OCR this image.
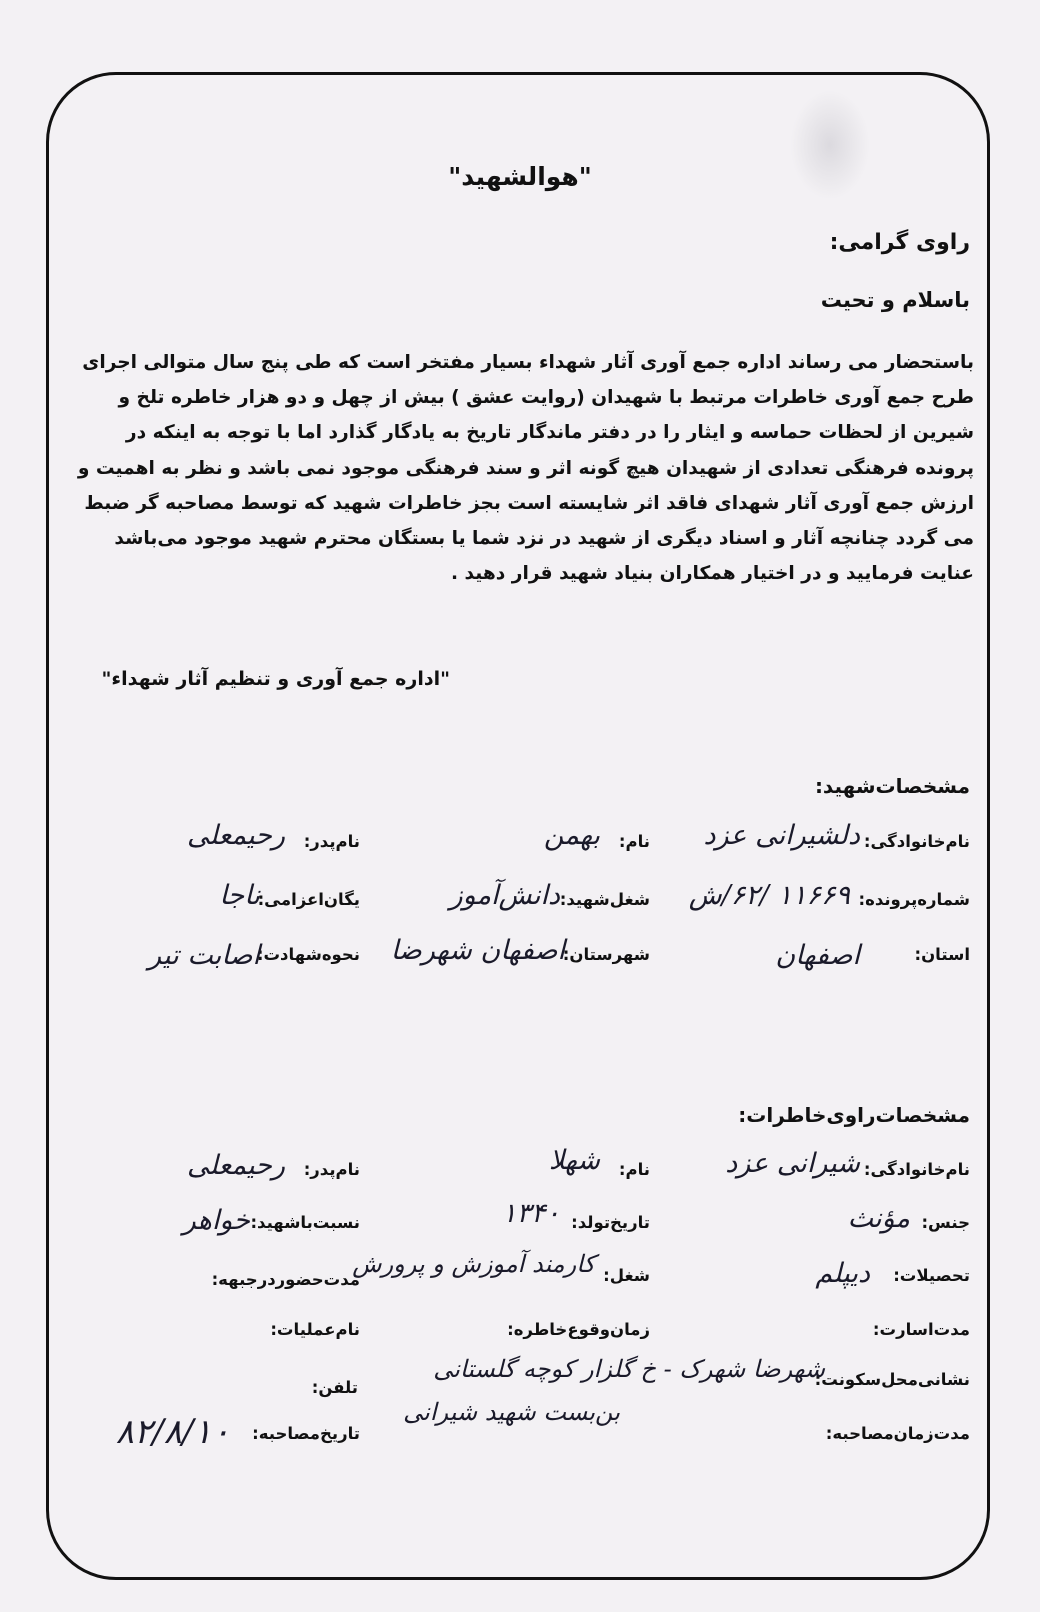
"هوالشهید"
راوی گرامی:
باسلام و تحیت
باستحضار می رساند اداره جمع آوری آثار شهداء بسیار مفتخر است که طی پنج سال متوالی اجرای
طرح جمع آوری خاطرات مرتبط با شهیدان (روایت عشق ) بیش از چهل و دو هزار خاطره تلخ و
شیرین از لحظات حماسه و ایثار را در دفتر ماندگار تاریخ به یادگار گذارد اما با توجه به اینکه در
پرونده فرهنگی تعدادی از شهیدان هیچ گونه اثر و سند فرهنگی موجود نمی باشد و نظر به اهمیت و
ارزش جمع آوری آثار شهدای فاقد اثر شایسته است بجز خاطرات شهید که توسط مصاحبه گر ضبط
می گردد چنانچه آثار و اسناد دیگری از شهید در نزد شما یا بستگان محترم شهید موجود می‌باشد
عنایت فرمایید و در اختیار همکاران بنیاد شهید قرار دهید .
"اداره جمع آوری و تنظیم آثار شهداء"
مشخصات‌شهید:
نام‌خانوادگی:
دلشیرانی عزد
نام:
بهمن
نام‌پدر:
رحیمعلی
شماره‌پرونده:
۱۱۶۶۹ /۶۲/ش
شغل‌شهید:
دانش‌آموز
یگان‌اعزامی:
ناجا
استان:
اصفهان
شهرستان:
اصفهان شهرضا
نحوه‌شهادت:
اصابت تیر
مشخصات‌راوی‌خاطرات:
نام‌خانوادگی:
شیرانی عزد
نام:
شهلا
نام‌پدر:
رحیمعلی
جنس:
مؤنث
تاریخ‌تولد:
۱۳۴۰
نسبت‌باشهید:
خواهر
تحصیلات:
دیپلم
شغل:
کارمند آموزش و پرورش
مدت‌حضوردرجبهه:
مدت‌اسارت:
زمان‌وقوع‌خاطره:
نام‌عملیات:
نشانی‌محل‌سکونت:
شهرضا شهرک - خ گلزار کوچه گلستانی
تلفن:
بن‌بست شهید شیرانی
مدت‌زمان‌مصاحبه:
تاریخ‌مصاحبه:
۸۲/۸/۱۰
